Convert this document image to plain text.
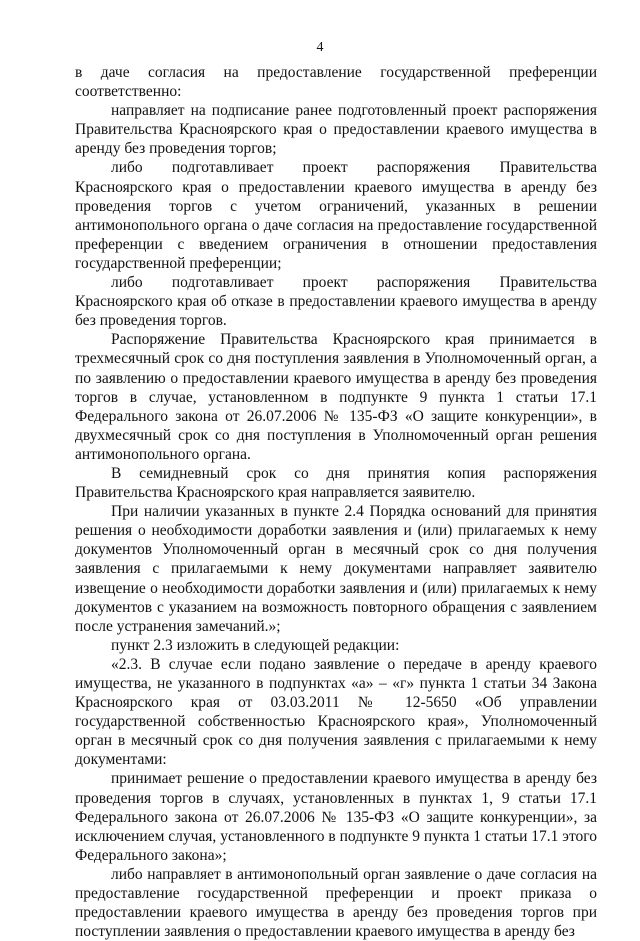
4

в даче согласия на предоставление государственной преференции соответственно:

направляет на подписание ранее подготовленный проект распоряжения Правительства Красноярского края о предоставлении краевого имущества в аренду без проведения торгов;

либо подготавливает проект распоряжения Правительства Красноярского края о предоставлении краевого имущества в аренду без проведения торгов с учетом ограничений, указанных в решении антимонопольного органа о даче согласия на предоставление государственной преференции с введением ограничения в отношении предоставления государственной преференции;

либо подготавливает проект распоряжения Правительства Красноярского края об отказе в предоставлении краевого имущества в аренду без проведения торгов.

Распоряжение Правительства Красноярского края принимается в трехмесячный срок со дня поступления заявления в Уполномоченный орган, а по заявлению о предоставлении краевого имущества в аренду без проведения торгов в случае, установленном в подпункте 9 пункта 1 статьи 17.1 Федерального закона от 26.07.2006 № 135-ФЗ «О защите конкуренции», в двухмесячный срок со дня поступления в Уполномоченный орган решения антимонопольного органа.

В семидневный срок со дня принятия копия распоряжения Правительства Красноярского края направляется заявителю.

При наличии указанных в пункте 2.4 Порядка оснований для принятия решения о необходимости доработки заявления и (или) прилагаемых к нему документов Уполномоченный орган в месячный срок со дня получения заявления с прилагаемыми к нему документами направляет заявителю извещение о необходимости доработки заявления и (или) прилагаемых к нему документов с указанием на возможность повторного обращения с заявлением после устранения замечаний.»;

пункт 2.3 изложить в следующей редакции:

«2.3. В случае если подано заявление о передаче в аренду краевого имущества, не указанного в подпунктах «а» – «г» пункта 1 статьи 34 Закона Красноярского края от 03.03.2011 № 12-5650 «Об управлении государственной собственностью Красноярского края», Уполномоченный орган в месячный срок со дня получения заявления с прилагаемыми к нему документами:

принимает решение о предоставлении краевого имущества в аренду без проведения торгов в случаях, установленных в пунктах 1, 9 статьи 17.1 Федерального закона от 26.07.2006 № 135-ФЗ «О защите конкуренции», за исключением случая, установленного в подпункте 9 пункта 1 статьи 17.1 этого Федерального закона»;

либо направляет в антимонопольный орган заявление о даче согласия на предоставление государственной преференции и проект приказа о предоставлении краевого имущества в аренду без проведения торгов при поступлении заявления о предоставлении краевого имущества в аренду без
